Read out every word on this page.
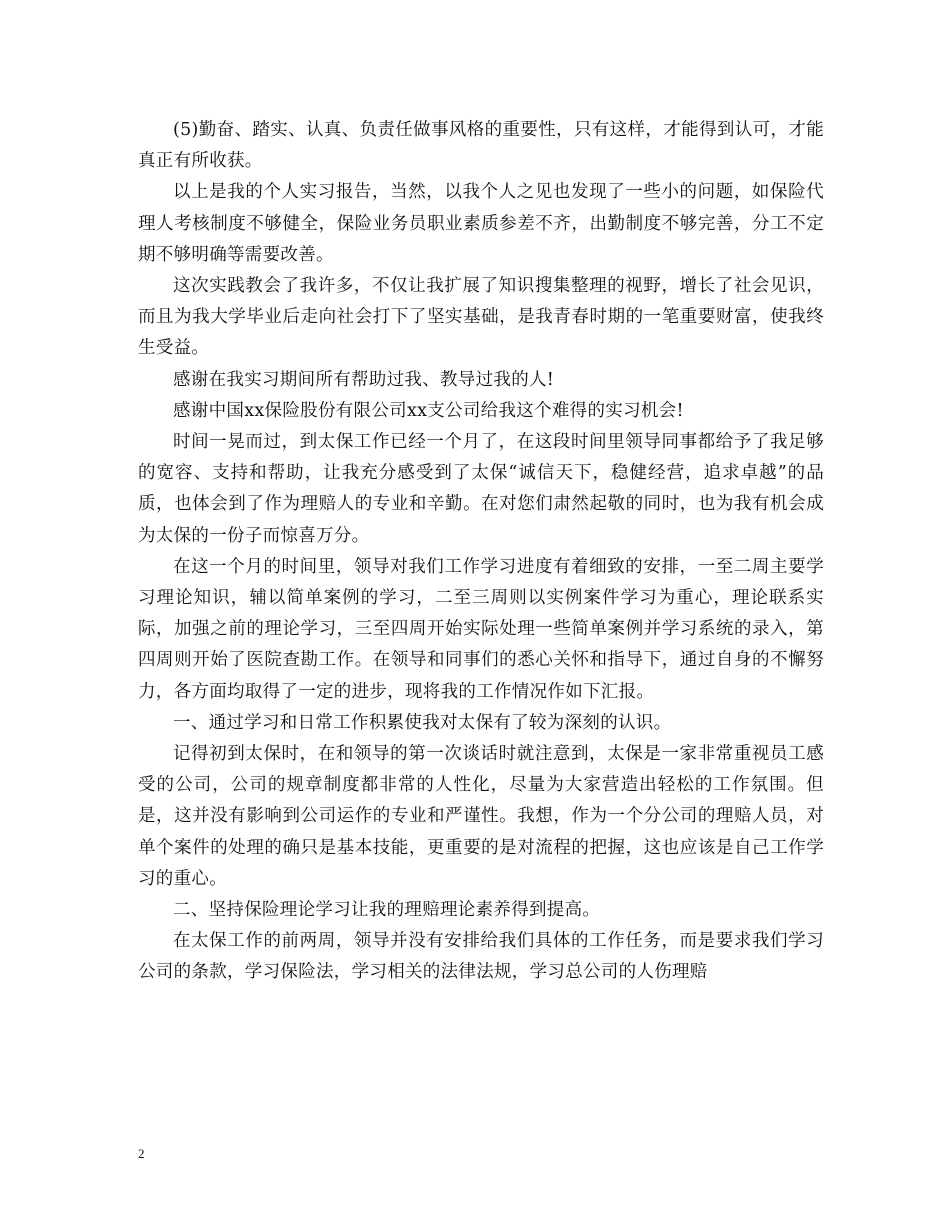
(5)勤奋、踏实、认真、负责任做事风格的重要性，只有这样，才能得到认可，才能真正有所收获。

以上是我的个人实习报告，当然，以我个人之见也发现了一些小的问题，如保险代理人考核制度不够健全，保险业务员职业素质参差不齐，出勤制度不够完善，分工不定期不够明确等需要改善。

这次实践教会了我许多，不仅让我扩展了知识搜集整理的视野，增长了社会见识，而且为我大学毕业后走向社会打下了坚实基础，是我青春时期的一笔重要财富，使我终生受益。

感谢在我实习期间所有帮助过我、教导过我的人!

感谢中国xx保险股份有限公司xx支公司给我这个难得的实习机会!

时间一晃而过，到太保工作已经一个月了，在这段时间里领导同事都给予了我足够的宽容、支持和帮助，让我充分感受到了太保“诚信天下，稳健经营，追求卓越”的品质，也体会到了作为理赔人的专业和辛勤。在对您们肃然起敬的同时，也为我有机会成为太保的一份子而惊喜万分。

在这一个月的时间里，领导对我们工作学习进度有着细致的安排，一至二周主要学习理论知识，辅以简单案例的学习，二至三周则以实例案件学习为重心，理论联系实际，加强之前的理论学习，三至四周开始实际处理一些简单案例并学习系统的录入，第四周则开始了医院查勘工作。在领导和同事们的悉心关怀和指导下，通过自身的不懈努力，各方面均取得了一定的进步，现将我的工作情况作如下汇报。

一、通过学习和日常工作积累使我对太保有了较为深刻的认识。

记得初到太保时，在和领导的第一次谈话时就注意到，太保是一家非常重视员工感受的公司，公司的规章制度都非常的人性化，尽量为大家营造出轻松的工作氛围。但是，这并没有影响到公司运作的专业和严谨性。我想，作为一个分公司的理赔人员，对单个案件的处理的确只是基本技能，更重要的是对流程的把握，这也应该是自己工作学习的重心。

二、坚持保险理论学习让我的理赔理论素养得到提高。

在太保工作的前两周，领导并没有安排给我们具体的工作任务，而是要求我们学习公司的条款，学习保险法，学习相关的法律法规，学习总公司的人伤理赔

2
